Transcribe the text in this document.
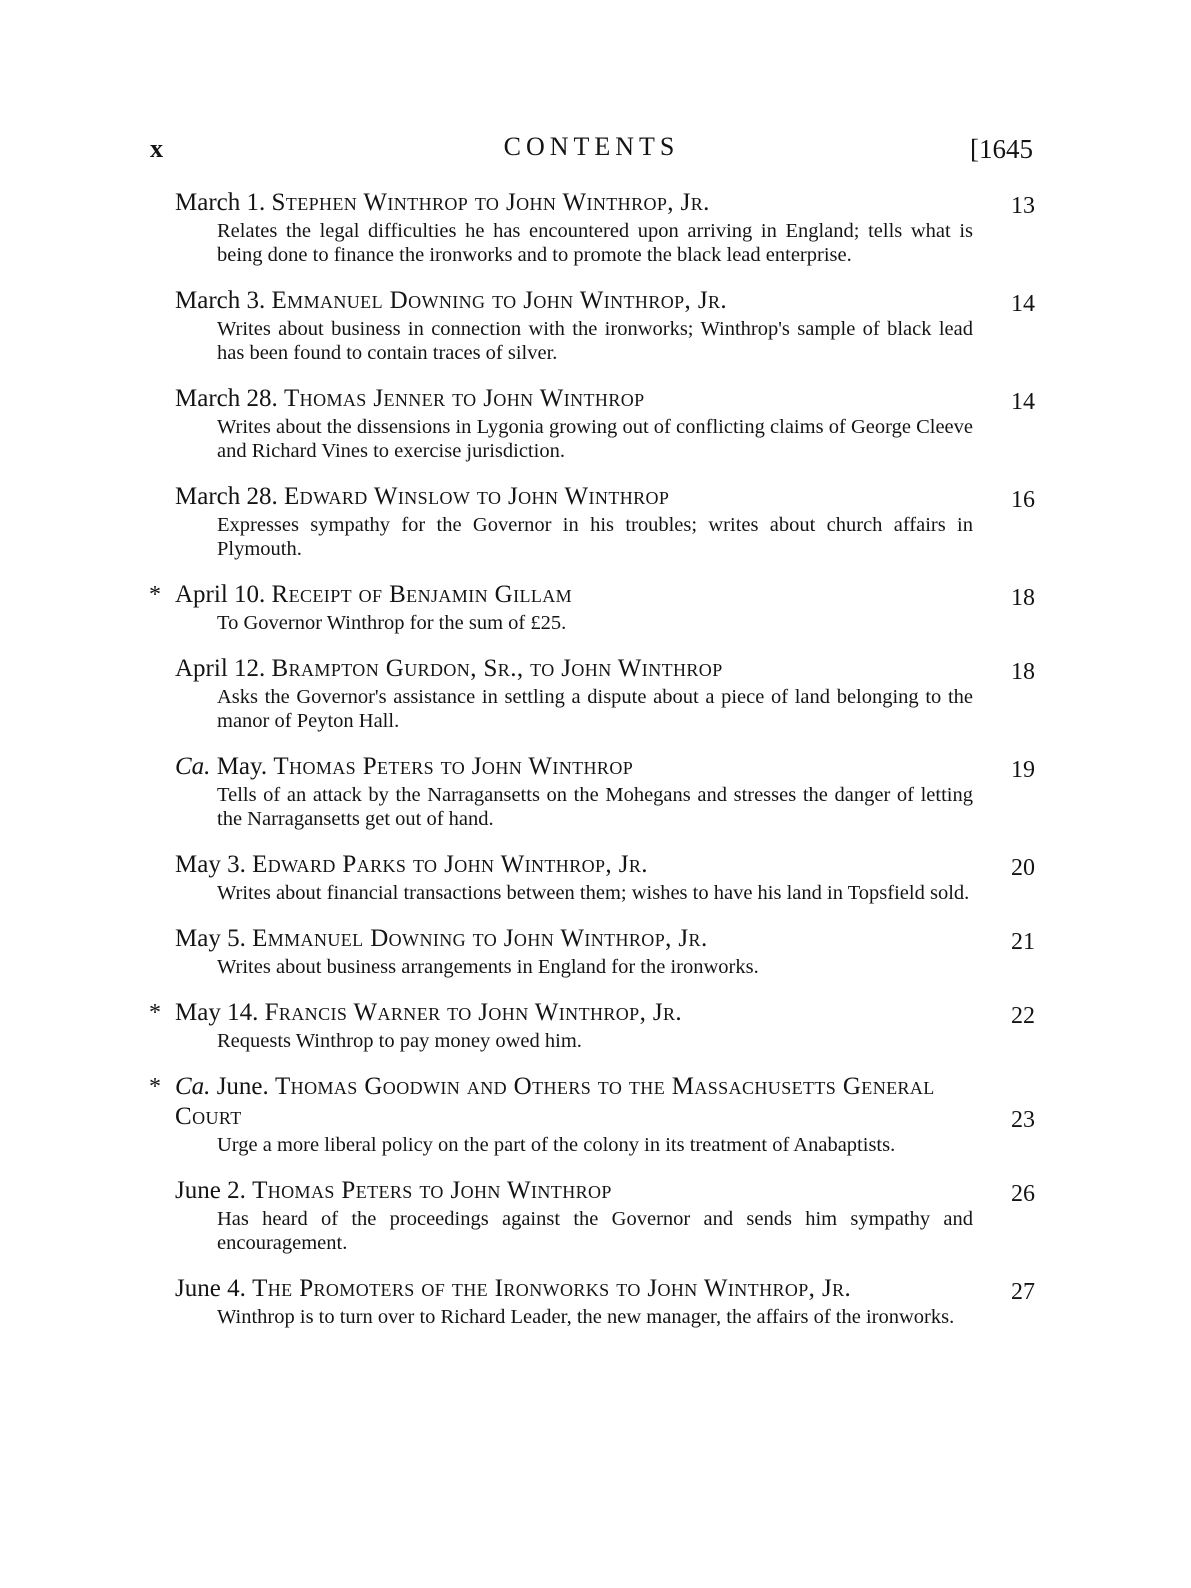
x	CONTENTS	[1645
March 1. Stephen Winthrop to John Winthrop, Jr.	13
Relates the legal difficulties he has encountered upon arriving in England; tells what is being done to finance the ironworks and to promote the black lead enterprise.
March 3. Emmanuel Downing to John Winthrop, Jr.	14
Writes about business in connection with the ironworks; Winthrop's sample of black lead has been found to contain traces of silver.
March 28. Thomas Jenner to John Winthrop	14
Writes about the dissensions in Lygonia growing out of conflicting claims of George Cleeve and Richard Vines to exercise jurisdiction.
March 28. Edward Winslow to John Winthrop	16
Expresses sympathy for the Governor in his troubles; writes about church affairs in Plymouth.
* April 10. Receipt of Benjamin Gillam	18
To Governor Winthrop for the sum of £25.
April 12. Brampton Gurdon, Sr., to John Winthrop	18
Asks the Governor's assistance in settling a dispute about a piece of land belonging to the manor of Peyton Hall.
Ca. May. Thomas Peters to John Winthrop	19
Tells of an attack by the Narragansetts on the Mohegans and stresses the danger of letting the Narragansetts get out of hand.
May 3. Edward Parks to John Winthrop, Jr.	20
Writes about financial transactions between them; wishes to have his land in Topsfield sold.
May 5. Emmanuel Downing to John Winthrop, Jr.	21
Writes about business arrangements in England for the ironworks.
* May 14. Francis Warner to John Winthrop, Jr.	22
Requests Winthrop to pay money owed him.
* Ca. June. Thomas Goodwin and Others to the Massachusetts General Court	23
Urge a more liberal policy on the part of the colony in its treatment of Anabaptists.
June 2. Thomas Peters to John Winthrop	26
Has heard of the proceedings against the Governor and sends him sympathy and encouragement.
June 4. The Promoters of the Ironworks to John Winthrop, Jr.	27
Winthrop is to turn over to Richard Leader, the new manager, the affairs of the ironworks.
